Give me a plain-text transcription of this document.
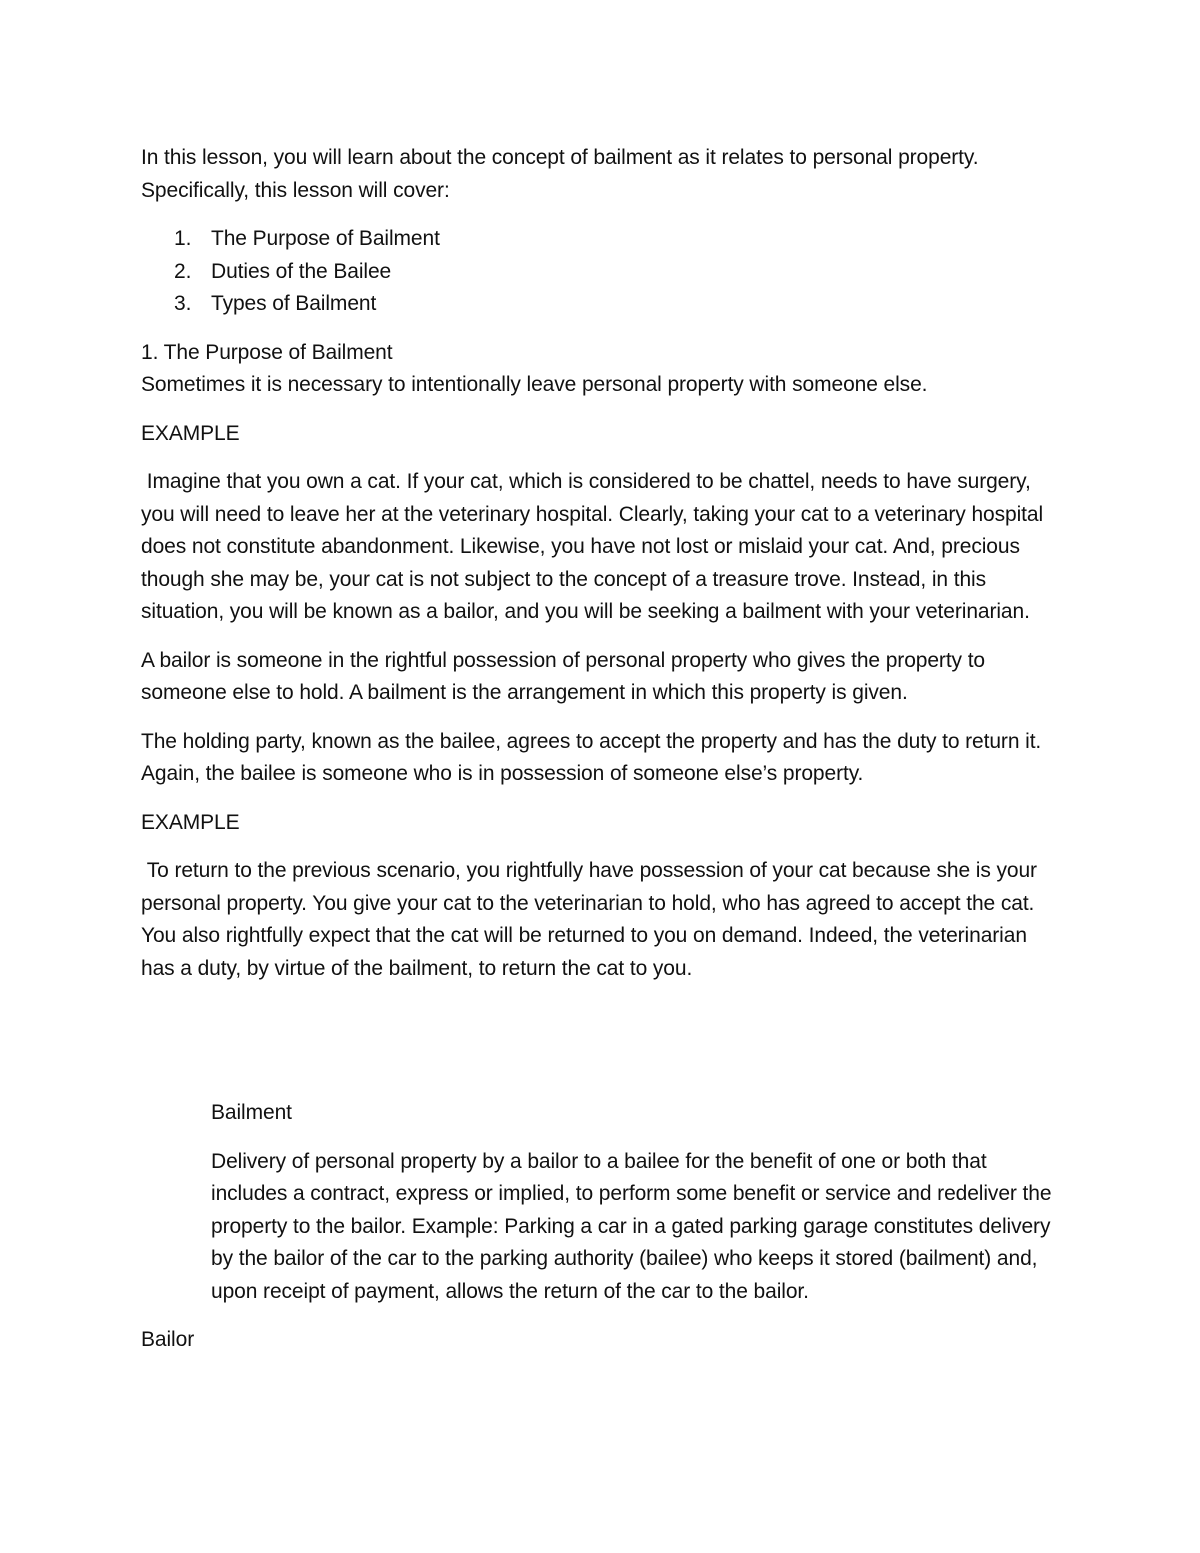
In this lesson, you will learn about the concept of bailment as it relates to personal property.
Specifically, this lesson will cover:

1. The Purpose of Bailment
2. Duties of the Bailee
3. Types of Bailment

1. The Purpose of Bailment
Sometimes it is necessary to intentionally leave personal property with someone else.

EXAMPLE

Imagine that you own a cat. If your cat, which is considered to be chattel, needs to have surgery, you will need to leave her at the veterinary hospital. Clearly, taking your cat to a veterinary hospital does not constitute abandonment. Likewise, you have not lost or mislaid your cat. And, precious though she may be, your cat is not subject to the concept of a treasure trove. Instead, in this situation, you will be known as a bailor, and you will be seeking a bailment with your veterinarian.

A bailor is someone in the rightful possession of personal property who gives the property to someone else to hold. A bailment is the arrangement in which this property is given.

The holding party, known as the bailee, agrees to accept the property and has the duty to return it. Again, the bailee is someone who is in possession of someone else’s property.

EXAMPLE

To return to the previous scenario, you rightfully have possession of your cat because she is your personal property. You give your cat to the veterinarian to hold, who has agreed to accept the cat. You also rightfully expect that the cat will be returned to you on demand. Indeed, the veterinarian has a duty, by virtue of the bailment, to return the cat to you.

Bailment

Delivery of personal property by a bailor to a bailee for the benefit of one or both that includes a contract, express or implied, to perform some benefit or service and redeliver the property to the bailor. Example: Parking a car in a gated parking garage constitutes delivery by the bailor of the car to the parking authority (bailee) who keeps it stored (bailment) and, upon receipt of payment, allows the return of the car to the bailor.

Bailor
